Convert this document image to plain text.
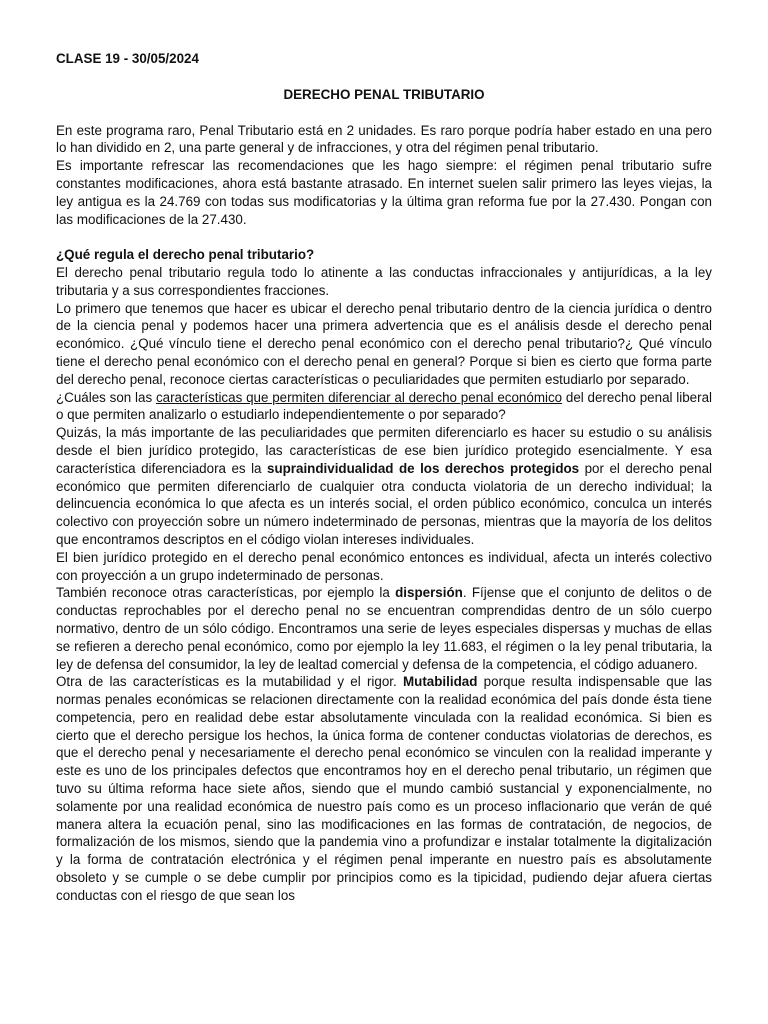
CLASE 19 - 30/05/2024
DERECHO PENAL TRIBUTARIO

En este programa raro, Penal Tributario está en 2 unidades. Es raro porque podría haber estado en una pero lo han dividido en 2, una parte general y de infracciones, y otra del régimen penal tributario.

Es importante refrescar las recomendaciones que les hago siempre: el régimen penal tributario sufre constantes modificaciones, ahora está bastante atrasado. En internet suelen salir primero las leyes viejas, la ley antigua es la 24.769 con todas sus modificatorias y la última gran reforma fue por la 27.430. Pongan con las modificaciones de la 27.430.

¿Qué regula el derecho penal tributario?

El derecho penal tributario regula todo lo atinente a las conductas infraccionales y antijurídicas, a la ley tributaria y a sus correspondientes fracciones.

Lo primero que tenemos que hacer es ubicar el derecho penal tributario dentro de la ciencia jurídica o dentro de la ciencia penal y podemos hacer una primera advertencia que es el análisis desde el derecho penal económico. ¿Qué vínculo tiene el derecho penal económico con el derecho penal tributario?¿ Qué vínculo tiene el derecho penal económico con el derecho penal en general? Porque si bien es cierto que forma parte del derecho penal, reconoce ciertas características o peculiaridades que permiten estudiarlo por separado.

¿Cuáles son las características que permiten diferenciar al derecho penal económico del derecho penal liberal o que permiten analizarlo o estudiarlo independientemente o por separado?

Quizás, la más importante de las peculiaridades que permiten diferenciarlo es hacer su estudio o su análisis desde el bien jurídico protegido, las características de ese bien jurídico protegido esencialmente. Y esa característica diferenciadora es la supraindividualidad de los derechos protegidos por el derecho penal económico que permiten diferenciarlo de cualquier otra conducta violatoria de un derecho individual; la delincuencia económica lo que afecta es un interés social, el orden público económico, conculca un interés colectivo con proyección sobre un número indeterminado de personas, mientras que la mayoría de los delitos que encontramos descriptos en el código violan intereses individuales.

El bien jurídico protegido en el derecho penal económico entonces es individual, afecta un interés colectivo con proyección a un grupo indeterminado de personas.

También reconoce otras características, por ejemplo la dispersión. Fíjense que el conjunto de delitos o de conductas reprochables por el derecho penal no se encuentran comprendidas dentro de un sólo cuerpo normativo, dentro de un sólo código. Encontramos una serie de leyes especiales dispersas y muchas de ellas se refieren a derecho penal económico, como por ejemplo la ley 11.683, el régimen o la ley penal tributaria, la ley de defensa del consumidor, la ley de lealtad comercial y defensa de la competencia, el código aduanero.

Otra de las características es la mutabilidad y el rigor. Mutabilidad porque resulta indispensable que las normas penales económicas se relacionen directamente con la realidad económica del país donde ésta tiene competencia, pero en realidad debe estar absolutamente vinculada con la realidad económica. Si bien es cierto que el derecho persigue los hechos, la única forma de contener conductas violatorias de derechos, es que el derecho penal y necesariamente el derecho penal económico se vinculen con la realidad imperante y este es uno de los principales defectos que encontramos hoy en el derecho penal tributario, un régimen que tuvo su última reforma hace siete años, siendo que el mundo cambió sustancial y exponencialmente, no solamente por una realidad económica de nuestro país como es un proceso inflacionario que verán de qué manera altera la ecuación penal, sino las modificaciones en las formas de contratación, de negocios, de formalización de los mismos, siendo que la pandemia vino a profundizar e instalar totalmente la digitalización y la forma de contratación electrónica y el régimen penal imperante en nuestro país es absolutamente obsoleto y se cumple o se debe cumplir por principios como es la tipicidad, pudiendo dejar afuera ciertas conductas con el riesgo de que sean los
